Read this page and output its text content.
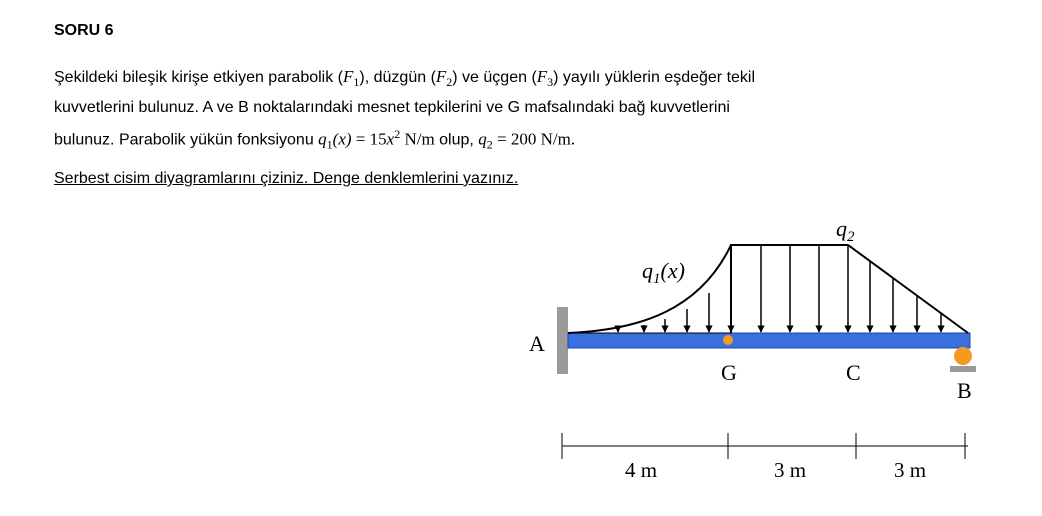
SORU 6
Şekildeki bileşik kirişe etkiyen parabolik $(F_1)$, düzgün $(F_2)$ ve üçgen $(F_3)$ yayılı yüklerin eşdeğer tekil
kuvvetlerini bulunuz. A ve B noktalarındaki mesnet tepkilerini ve G mafsalındaki bağ kuvvetlerini
bulunuz. Parabolik yükün fonksiyonu $q_1(x) = 15x^2$ N/m olup, $q_2 = 200$ N/m.
Serbest cisim diyagramlarını çiziniz. Denge denklemlerini yazınız.
$q_1(x)$
$q_2$
A
G	C
B
4 m	3 m	3 m
